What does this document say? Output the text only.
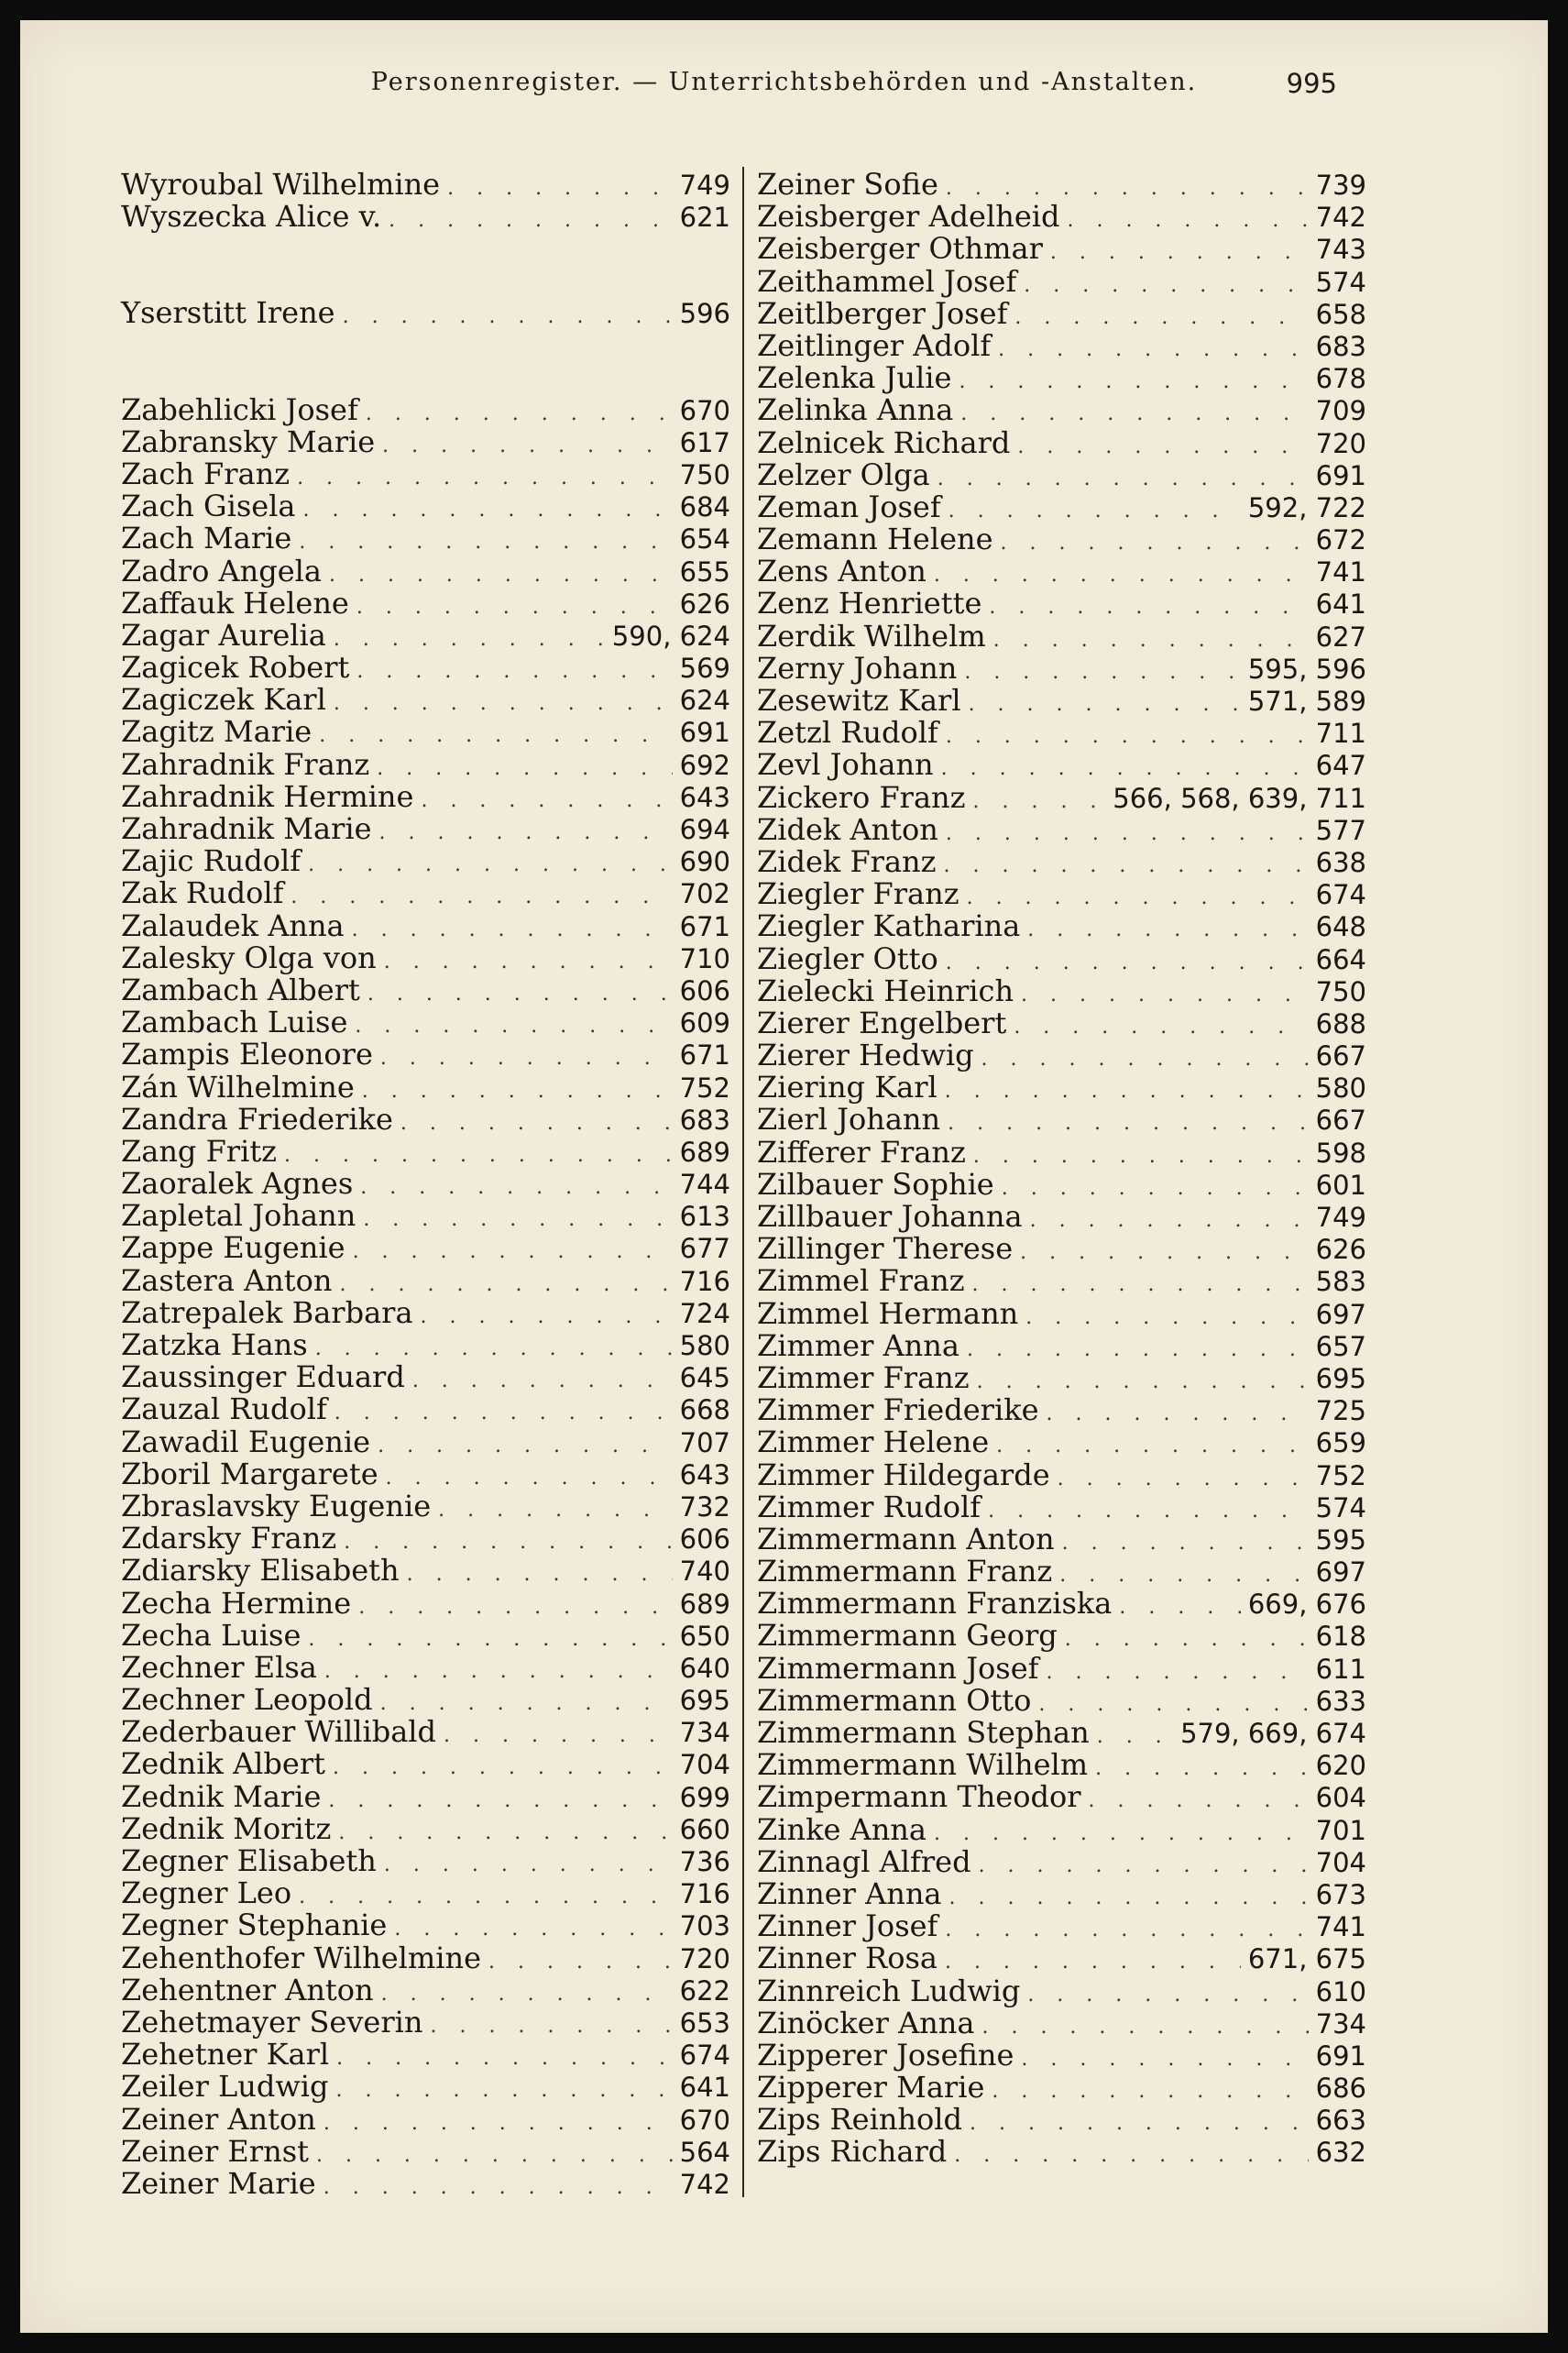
Personenregister. — Unterrichtsbehörden und -Anstalten.	995
Wyroubal Wilhelmine . . .	749
Wyszecka Alice v. . . .	621
Yserstitt Irene . . .	596
Zabehlicki Josef . . .	670
Zabransky Marie . . .	617
Zach Franz . . .	750
Zach Gisela . . .	684
Zach Marie . . .	654
Zadro Angela . . .	655
Zaffauk Helene . . .	626
Zagar Aurelia . . .	590, 624
Zagicek Robert . . .	569
Zagiczek Karl . . .	624
Zagitz Marie . . .	691
Zahradnik Franz . . .	692
Zahradnik Hermine . . .	643
Zahradnik Marie . . .	694
Zajic Rudolf . . .	690
Zak Rudolf . . .	702
Zalaudek Anna . . .	671
Zalesky Olga von . . .	710
Zambach Albert . . .	606
Zambach Luise . . .	609
Zampis Eleonore . . .	671
Zán Wilhelmine . . .	752
Zandra Friederike . . .	683
Zang Fritz . . .	689
Zaoralek Agnes . . .	744
Zapletal Johann . . .	613
Zappe Eugenie . . .	677
Zastera Anton . . .	716
Zatrepalek Barbara . . .	724
Zatzka Hans . . .	580
Zaussinger Eduard . . .	645
Zauzal Rudolf . . .	668
Zawadil Eugenie . . .	707
Zboril Margarete . . .	643
Zbraslavsky Eugenie . . .	732
Zdarsky Franz . . .	606
Zdiarsky Elisabeth . . .	740
Zecha Hermine . . .	689
Zecha Luise . . .	650
Zechner Elsa . . .	640
Zechner Leopold . . .	695
Zederbauer Willibald . . .	734
Zednik Albert . . .	704
Zednik Marie . . .	699
Zednik Moritz . . .	660
Zegner Elisabeth . . .	736
Zegner Leo . . .	716
Zegner Stephanie . . .	703
Zehenthofer Wilhelmine . . .	720
Zehentner Anton . . .	622
Zehetmayer Severin . . .	653
Zehetner Karl . . .	674
Zeiler Ludwig . . .	641
Zeiner Anton . . .	670
Zeiner Ernst . . .	564
Zeiner Marie . . .	742
Zeiner Sofie . . .	739
Zeisberger Adelheid . . .	742
Zeisberger Othmar . . .	743
Zeithammel Josef . . .	574
Zeitlberger Josef . . .	658
Zeitlinger Adolf . . .	683
Zelenka Julie . . .	678
Zelinka Anna . . .	709
Zelnicek Richard . . .	720
Zelzer Olga . . .	691
Zeman Josef . . .	592, 722
Zemann Helene . . .	672
Zens Anton . . .	741
Zenz Henriette . . .	641
Zerdik Wilhelm . . .	627
Zerny Johann . . .	595, 596
Zesewitz Karl . . .	571, 589
Zetzl Rudolf . . .	711
Zevl Johann . . .	647
Zickero Franz . . .	566, 568, 639, 711
Zidek Anton . . .	577
Zidek Franz . . .	638
Ziegler Franz . . .	674
Ziegler Katharina . . .	648
Ziegler Otto . . .	664
Zielecki Heinrich . . .	750
Zierer Engelbert . . .	688
Zierer Hedwig . . .	667
Ziering Karl . . .	580
Zierl Johann . . .	667
Zifferer Franz . . .	598
Zilbauer Sophie . . .	601
Zillbauer Johanna . . .	749
Zillinger Therese . . .	626
Zimmel Franz . . .	583
Zimmel Hermann . . .	697
Zimmer Anna . . .	657
Zimmer Franz . . .	695
Zimmer Friederike . . .	725
Zimmer Helene . . .	659
Zimmer Hildegarde . . .	752
Zimmer Rudolf . . .	574
Zimmermann Anton . . .	595
Zimmermann Franz . . .	697
Zimmermann Franziska . . .	669, 676
Zimmermann Georg . . .	618
Zimmermann Josef . . .	611
Zimmermann Otto . . .	633
Zimmermann Stephan . . .	579, 669, 674
Zimmermann Wilhelm . . .	620
Zimpermann Theodor . . .	604
Zinke Anna . . .	701
Zinnagl Alfred . . .	704
Zinner Anna . . .	673
Zinner Josef . . .	741
Zinner Rosa . . .	671, 675
Zinnreich Ludwig . . .	610
Zinöcker Anna . . .	734
Zipperer Josefine . . .	691
Zipperer Marie . . .	686
Zips Reinhold . . .	663
Zips Richard . . .	632
